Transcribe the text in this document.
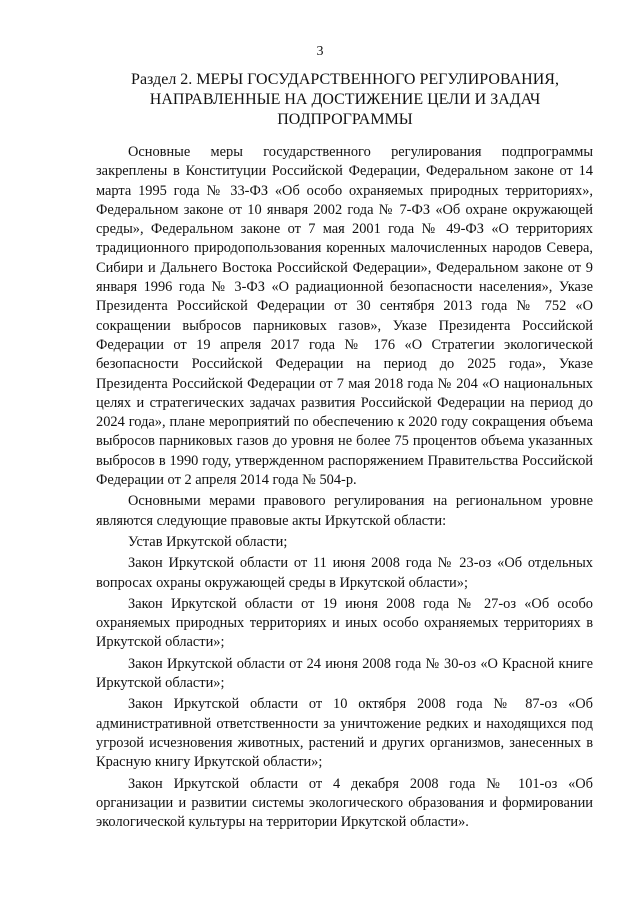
3
Раздел 2. МЕРЫ ГОСУДАРСТВЕННОГО РЕГУЛИРОВАНИЯ,
НАПРАВЛЕННЫЕ НА ДОСТИЖЕНИЕ ЦЕЛИ И ЗАДАЧ
ПОДПРОГРАММЫ

Основные меры государственного регулирования подпрограммы закреплены в Конституции Российской Федерации, Федеральном законе от 14 марта 1995 года № 33-ФЗ «Об особо охраняемых природных территориях», Федеральном законе от 10 января 2002 года № 7-ФЗ «Об охране окружающей среды», Федеральном законе от 7 мая 2001 года № 49-ФЗ «О территориях традиционного природопользования коренных малочисленных народов Севера, Сибири и Дальнего Востока Российской Федерации», Федеральном законе от 9 января 1996 года № 3-ФЗ «О радиационной безопасности населения», Указе Президента Российской Федерации от 30 сентября 2013 года № 752 «О сокращении выбросов парниковых газов», Указе Президента Российской Федерации от 19 апреля 2017 года № 176 «О Стратегии экологической безопасности Российской Федерации на период до 2025 года», Указе Президента Российской Федерации от 7 мая 2018 года № 204 «О национальных целях и стратегических задачах развития Российской Федерации на период до 2024 года», плане мероприятий по обеспечению к 2020 году сокращения объема выбросов парниковых газов до уровня не более 75 процентов объема указанных выбросов в 1990 году, утвержденном распоряжением Правительства Российской Федерации от 2 апреля 2014 года № 504-р.

Основными мерами правового регулирования на региональном уровне являются следующие правовые акты Иркутской области:

Устав Иркутской области;

Закон Иркутской области от 11 июня 2008 года № 23-оз «Об отдельных вопросах охраны окружающей среды в Иркутской области»;

Закон Иркутской области от 19 июня 2008 года № 27-оз «Об особо охраняемых природных территориях и иных особо охраняемых территориях в Иркутской области»;

Закон Иркутской области от 24 июня 2008 года № 30-оз «О Красной книге Иркутской области»;

Закон Иркутской области от 10 октября 2008 года № 87-оз «Об административной ответственности за уничтожение редких и находящихся под угрозой исчезновения животных, растений и других организмов, занесенных в Красную книгу Иркутской области»;

Закон Иркутской области от 4 декабря 2008 года № 101-оз «Об организации и развитии системы экологического образования и формировании экологической культуры на территории Иркутской области».
